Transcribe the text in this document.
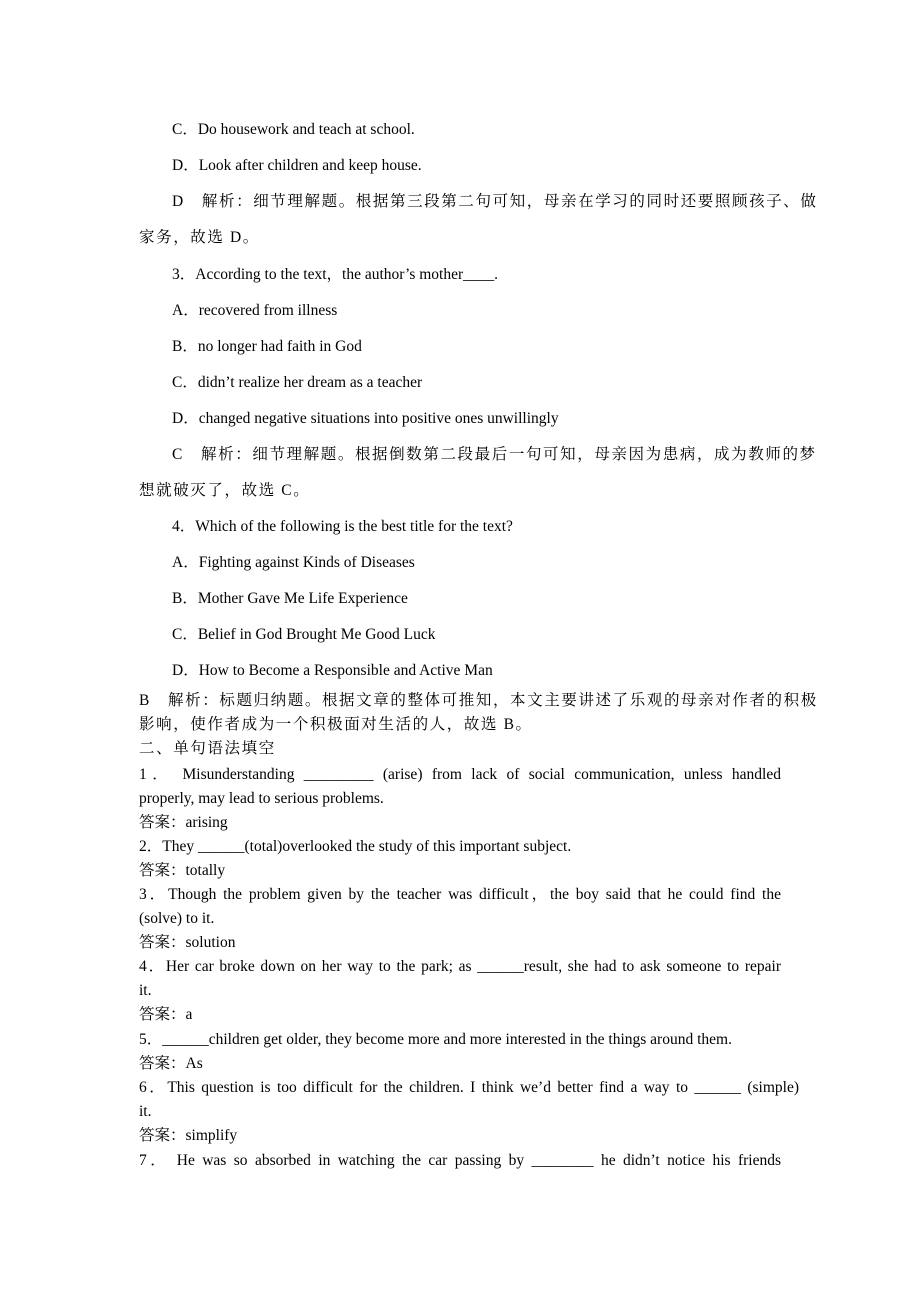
C．Do housework and teach at school.
D．Look after children and keep house.
D　解析：细节理解题。根据第三段第二句可知，母亲在学习的同时还要照顾孩子、做
家务，故选 D。
3．According to the text，the author’s mother____.
A．recovered from illness
B．no longer had faith in God
C．didn’t realize her dream as a teacher
D．changed negative situations into positive ones unwillingly
C　解析：细节理解题。根据倒数第二段最后一句可知，母亲因为患病，成为教师的梦
想就破灭了，故选 C。
4．Which of the following is the best title for the text?
A．Fighting against Kinds of Diseases
B．Mother Gave Me Life Experience
C．Belief in God Brought Me Good Luck
D．How to Become a Responsible and Active Man
B　解析：标题归纳题。根据文章的整体可推知，本文主要讲述了乐观的母亲对作者的积极
影响，使作者成为一个积极面对生活的人，故选 B。
二、单句语法填空
1． Misunderstanding _________ (arise) from lack of social communication, unless handled
properly, may lead to serious problems.
答案：arising
2．They ______(total)overlooked the study of this important subject.
答案：totally
3．Though the problem given by the teacher was difficult，the boy said that he could find the
(solve) to it.
答案：solution
4．Her car broke down on her way to the park; as ______result, she had to ask someone to repair
it.
答案：a
5．______children get older, they become more and more interested in the things around them.
答案：As
6．This question is too difficult for the children. I think we’d better find a way to ______ (simple)
it.
答案：simplify
7． He was so absorbed in watching the car passing by ________ he didn’t notice his friends
